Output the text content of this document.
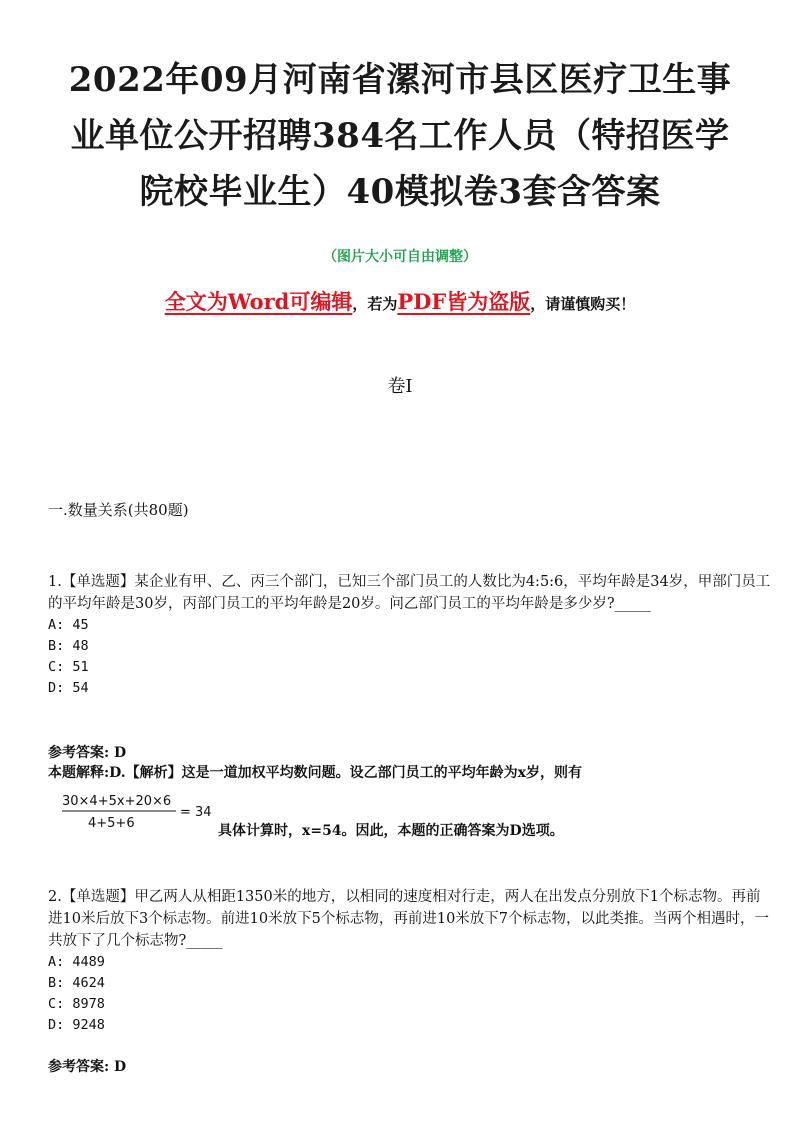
2022年09月河南省漯河市县区医疗卫生事
业单位公开招聘384名工作人员（特招医学
院校毕业生）40模拟卷3套含答案
（图片大小可自由调整）
全文为Word可编辑，若为PDF皆为盗版，请谨慎购买！
卷I
一.数量关系(共80题)
1.【单选题】某企业有甲、乙、丙三个部门，已知三个部门员工的人数比为4:5:6，平均年龄是34岁，甲部门员工的平均年龄是30岁，丙部门员工的平均年龄是20岁。问乙部门员工的平均年龄是多少岁?_____
A: 45
B: 48
C: 51
D: 54
参考答案: D
本题解释:D.【解析】这是一道加权平均数问题。设乙部门员工的平均年龄为x岁，则有
30×4+5x+20×6
4+5+6
= 34
具体计算时，x=54。因此，本题的正确答案为D选项。
2.【单选题】甲乙两人从相距1350米的地方，以相同的速度相对行走，两人在出发点分别放下1个标志物。再前进10米后放下3个标志物。前进10米放下5个标志物，再前进10米放下7个标志物，以此类推。当两个相遇时，一共放下了几个标志物?_____
A: 4489
B: 4624
C: 8978
D: 9248
参考答案: D
